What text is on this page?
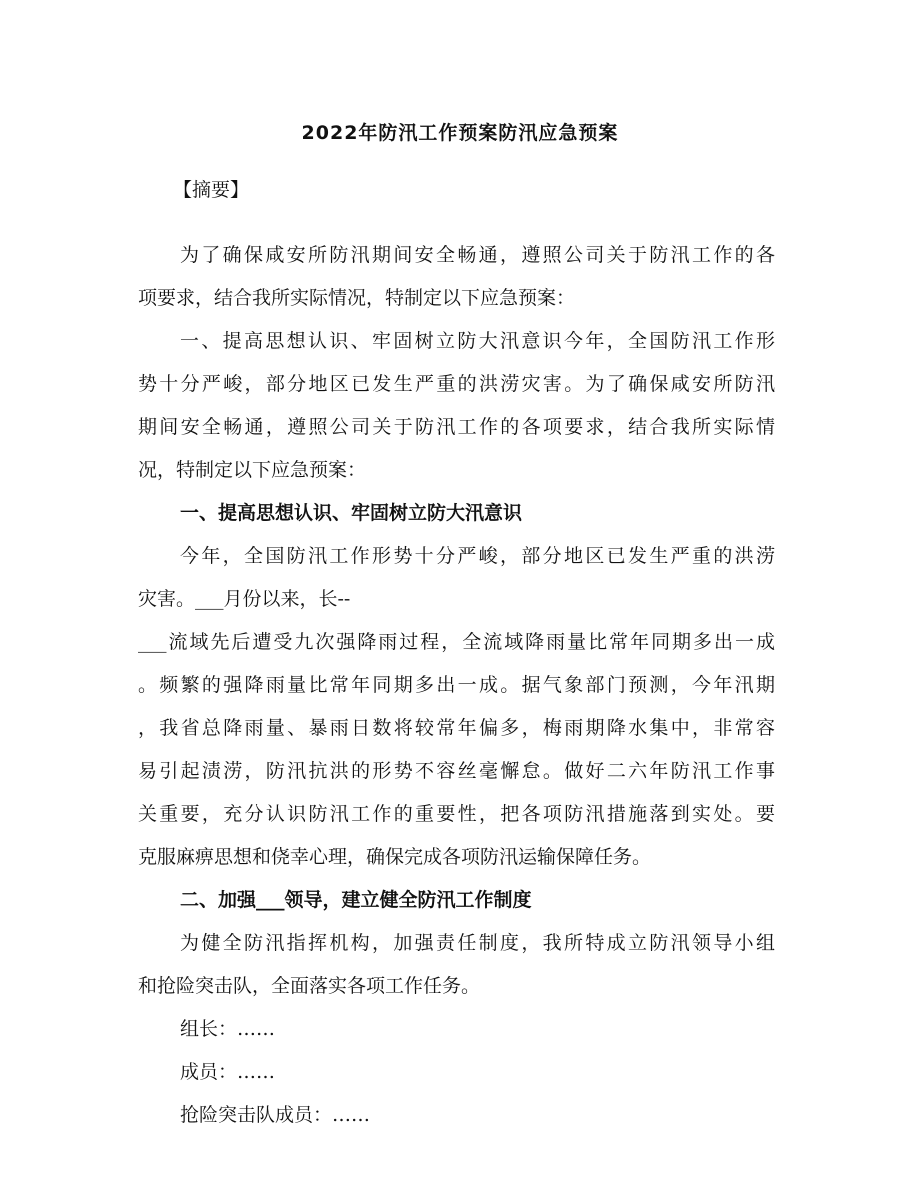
2022年防汛工作预案防汛应急预案

【摘要】

为了确保咸安所防汛期间安全畅通，遵照公司关于防汛工作的各

项要求，结合我所实际情况，特制定以下应急预案：

一、提高思想认识、牢固树立防大汛意识今年，全国防汛工作形

势十分严峻，部分地区已发生严重的洪涝灾害。为了确保咸安所防汛

期间安全畅通，遵照公司关于防汛工作的各项要求，结合我所实际情

况，特制定以下应急预案：

一、提高思想认识、牢固树立防大汛意识

今年，全国防汛工作形势十分严峻，部分地区已发生严重的洪涝

灾害。___月份以来，长--

___流域先后遭受九次强降雨过程，全流域降雨量比常年同期多出一成

。频繁的强降雨量比常年同期多出一成。据气象部门预测，今年汛期

，我省总降雨量、暴雨日数将较常年偏多，梅雨期降水集中，非常容

易引起渍涝，防汛抗洪的形势不容丝毫懈怠。做好二六年防汛工作事

关重要，充分认识防汛工作的重要性，把各项防汛措施落到实处。要

克服麻痹思想和侥幸心理，确保完成各项防汛运输保障任务。

二、加强___领导，建立健全防汛工作制度

为健全防汛指挥机构，加强责任制度，我所特成立防汛领导小组

和抢险突击队，全面落实各项工作任务。

组长：……

成员：……

抢险突击队成员：……
